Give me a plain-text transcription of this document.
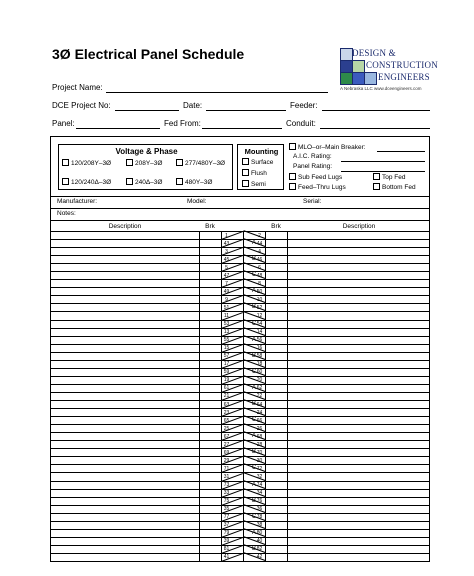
3Ø Electrical Panel Schedule	DESIGN &
CONSTRUCTION
ENGINEERS
A Nebraska LLC www.dceengineers.com
Project Name:
DCE Project No:	Date:	Feeder:
Panel:	Fed From:	Conduit:
Voltage & Phase
120/208Y–3Ø	208Y–3Ø	277/480Y–3Ø
120/240Δ–3Ø	240Δ–3Ø	480Y–3Ø
Mounting
Surface
Flush
Semi
MLO–or–Main Breaker:
A.I.C. Rating:
Panel Rating:
Sub Feed Lugs	Top Fed
Feed–Thru Lugs	Bottom Fed
Manufacturer:	Model:	Serial:
Notes:
Description	Brk	Brk	Description
1	2
43	44
A
3	4
45	46
B
5	6
47	48
C
7	8
49	50
A
9	10
51	52
B
11	12
53	54
C
13	14
55	56
A
15	16
57	58
B
17	18
59	60
C
19	20
61	62
A
21	22
63	64
B
23	24
65	66
C
25	26
67	68
A
27	28
69	70
B
29	30
71	72
C
31	32
73	74
A
33	34
75	76
B
35	36
77	78
C
37	38
79	80
A
39	40
81	82
B
41	42
